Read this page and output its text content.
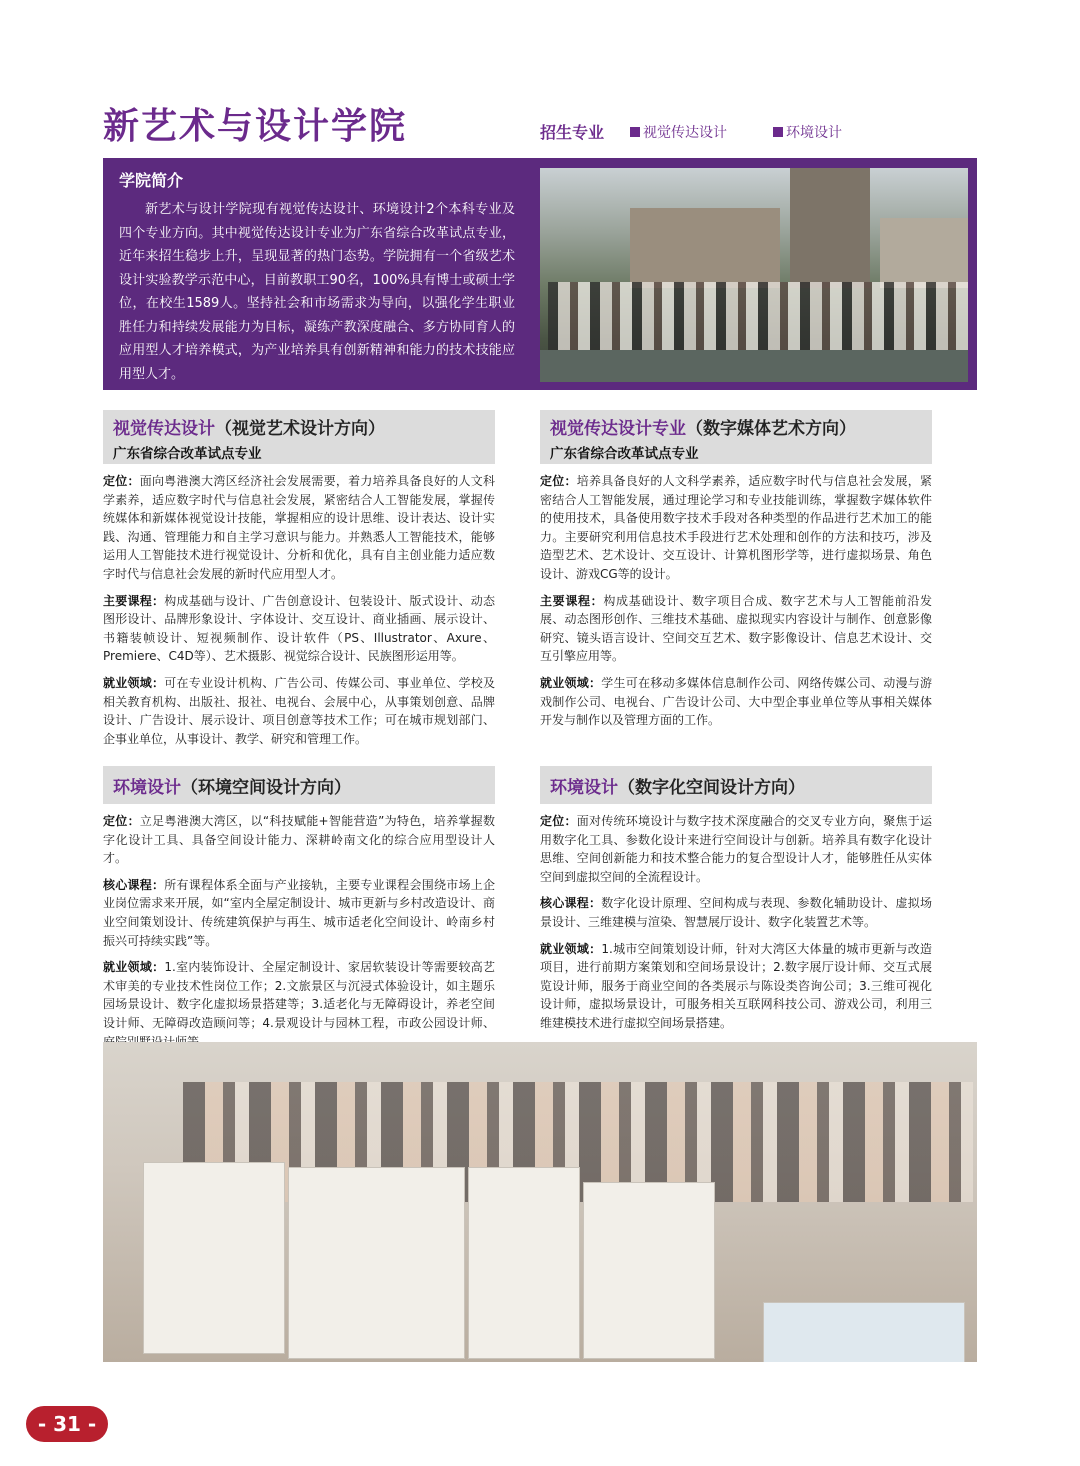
新艺术与设计学院	招生专业	视觉传达设计	环境设计
学院简介

新艺术与设计学院现有视觉传达设计、环境设计2个本科专业及四个专业方向。其中视觉传达设计专业为广东省综合改革试点专业，近年来招生稳步上升，呈现显著的热门态势。学院拥有一个省级艺术设计实验教学示范中心，目前教职工90名，100%具有博士或硕士学位，在校生1589人。坚持社会和市场需求为导向，以强化学生职业胜任力和持续发展能力为目标，凝练产教深度融合、多方协同育人的应用型人才培养模式，为产业培养具有创新精神和能力的技术技能应用型人才。

视觉传达设计（视觉艺术设计方向）

广东省综合改革试点专业

定位：面向粤港澳大湾区经济社会发展需要，着力培养具备良好的人文科学素养，适应数字时代与信息社会发展，紧密结合人工智能发展，掌握传统媒体和新媒体视觉设计技能，掌握相应的设计思维、设计表达、设计实践、沟通、管理能力和自主学习意识与能力。并熟悉人工智能技术，能够运用人工智能技术进行视觉设计、分析和优化，具有自主创业能力适应数字时代与信息社会发展的新时代应用型人才。

主要课程：构成基础与设计、广告创意设计、包装设计、版式设计、动态图形设计、品牌形象设计、字体设计、交互设计、商业插画、展示设计、书籍装帧设计、短视频制作、设计软件（PS、Illustrator、Axure、Premiere、C4D等）、艺术摄影、视觉综合设计、民族图形运用等。

就业领域：可在专业设计机构、广告公司、传媒公司、事业单位、学校及相关教育机构、出版社、报社、电视台、会展中心，从事策划创意、品牌设计、广告设计、展示设计、项目创意等技术工作；可在城市规划部门、企事业单位，从事设计、教学、研究和管理工作。

视觉传达设计专业（数字媒体艺术方向）

广东省综合改革试点专业

定位：培养具备良好的人文科学素养，适应数字时代与信息社会发展，紧密结合人工智能发展，通过理论学习和专业技能训练，掌握数字媒体软件的使用技术，具备使用数字技术手段对各种类型的作品进行艺术加工的能力。主要研究利用信息技术手段进行艺术处理和创作的方法和技巧，涉及造型艺术、艺术设计、交互设计、计算机图形学等，进行虚拟场景、角色设计、游戏CG等的设计。

主要课程：构成基础设计、数字项目合成、数字艺术与人工智能前沿发展、动态图形创作、三维技术基础、虚拟现实内容设计与制作、创意影像研究、镜头语言设计、空间交互艺术、数字影像设计、信息艺术设计、交互引擎应用等。

就业领域：学生可在移动多媒体信息制作公司、网络传媒公司、动漫与游戏制作公司、电视台、广告设计公司、大中型企事业单位等从事相关媒体开发与制作以及管理方面的工作。

环境设计（环境空间设计方向）

定位：立足粤港澳大湾区，以“科技赋能+智能营造”为特色，培养掌握数字化设计工具、具备空间设计能力、深耕岭南文化的综合应用型设计人才。

核心课程：所有课程体系全面与产业接轨，主要专业课程会围绕市场上企业岗位需求来开展，如“室内全屋定制设计、城市更新与乡村改造设计、商业空间策划设计、传统建筑保护与再生、城市适老化空间设计、岭南乡村振兴可持续实践”等。

就业领域：1.室内装饰设计、全屋定制设计、家居软装设计等需要较高艺术审美的专业技术性岗位工作；2.文旅景区与沉浸式体验设计，如主题乐园场景设计、数字化虚拟场景搭建等；3.适老化与无障碍设计，养老空间设计师、无障碍改造顾问等；4.景观设计与园林工程，市政公园设计师、

环境设计（数字化空间设计方向）

定位：面对传统环境设计与数字技术深度融合的交叉专业方向，聚焦于运用数字化工具、参数化设计来进行空间设计与创新。培养具有数字化设计思维、空间创新能力和技术整合能力的复合型设计人才，能够胜任从实体空间到虚拟空间的全流程设计。

核心课程：数字化设计原理、空间构成与表现、参数化辅助设计、虚拟场景设计、三维建模与渲染、智慧展厅设计、数字化装置艺术等。

就业领域：1.城市空间策划设计师，针对大湾区大体量的城市更新与改造项目，进行前期方案策划和空间场景设计；2.数字展厅设计师、交互式展览设计师，服务于商业空间的各类展示与陈设类咨询公司；3.三维可视化设计师，虚拟场景设计，可服务相关互联网科技公司、游戏公司，利用三维建模技术进行虚拟空间场景搭建。

- 31 -
